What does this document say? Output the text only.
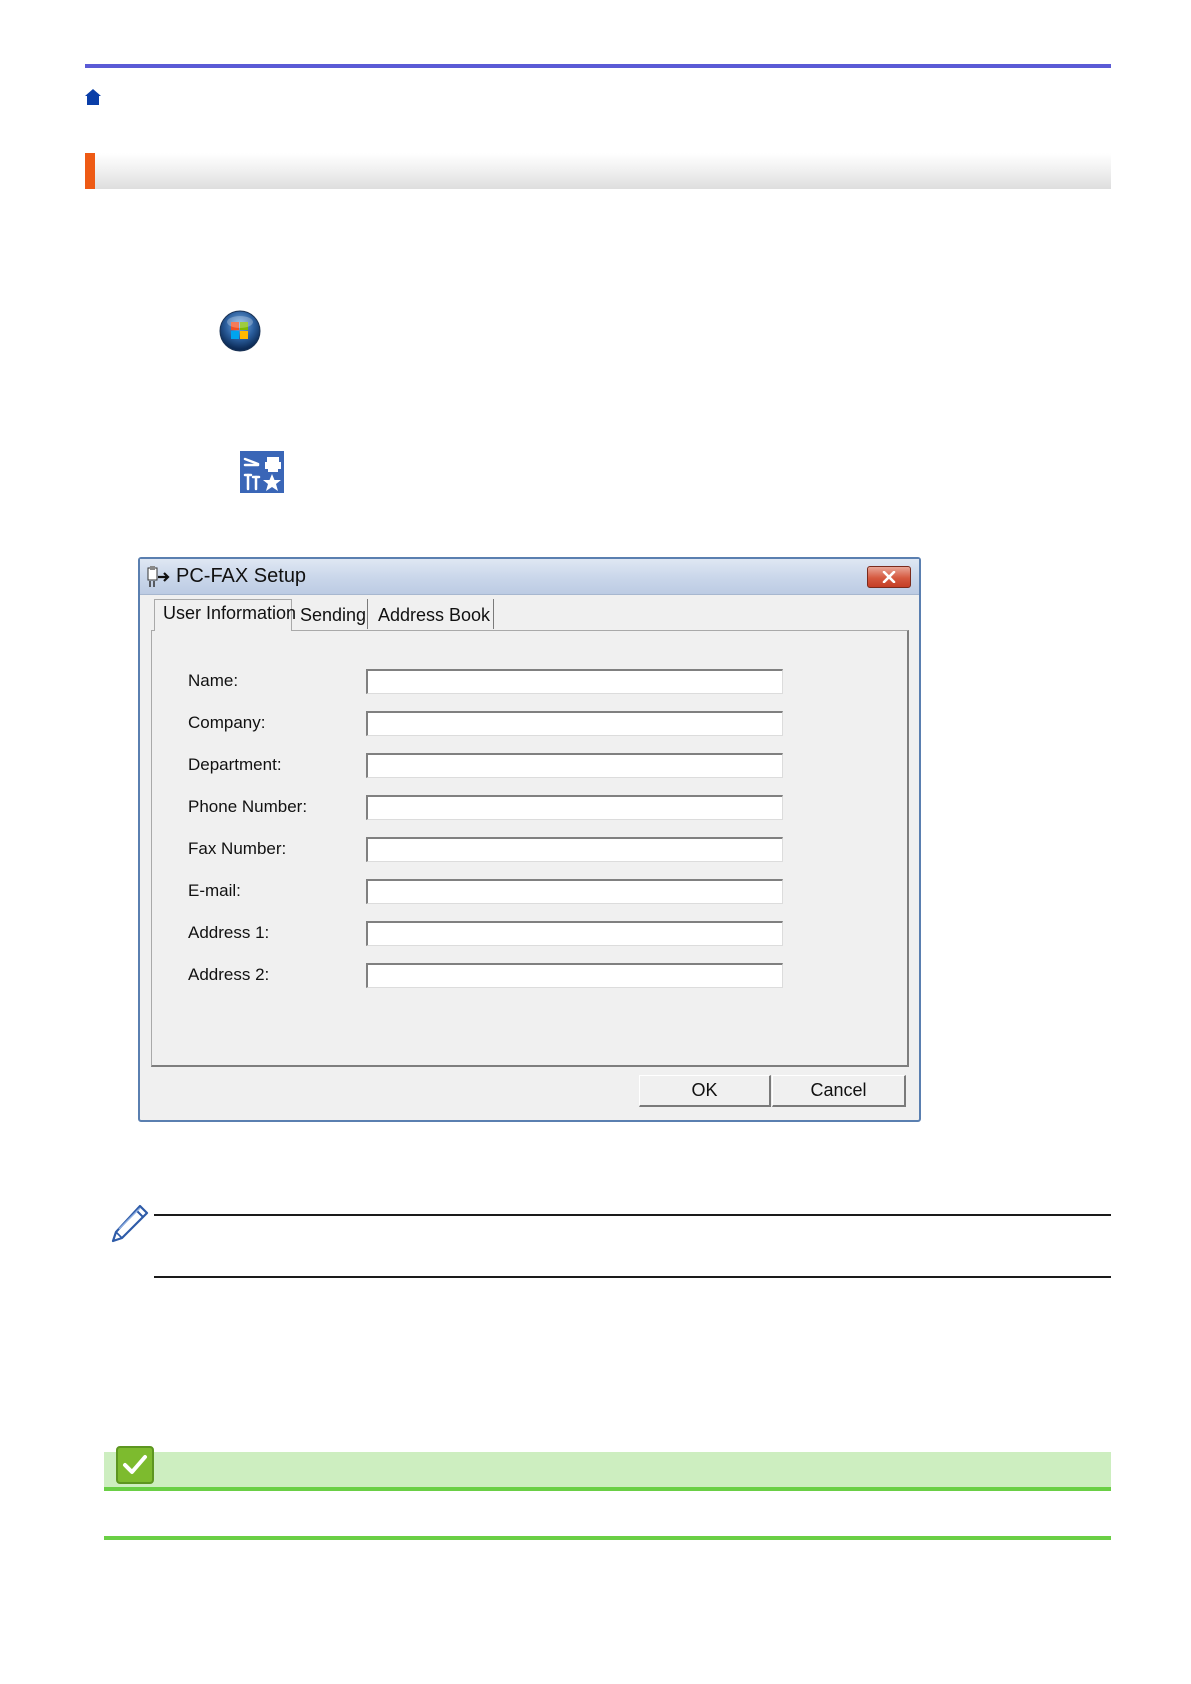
PC-FAX Setup
User Information Sending Address Book
Name:
Company:
Department:
Phone Number:
Fax Number:
E-mail:
Address 1:
Address 2:
OK	Cancel
